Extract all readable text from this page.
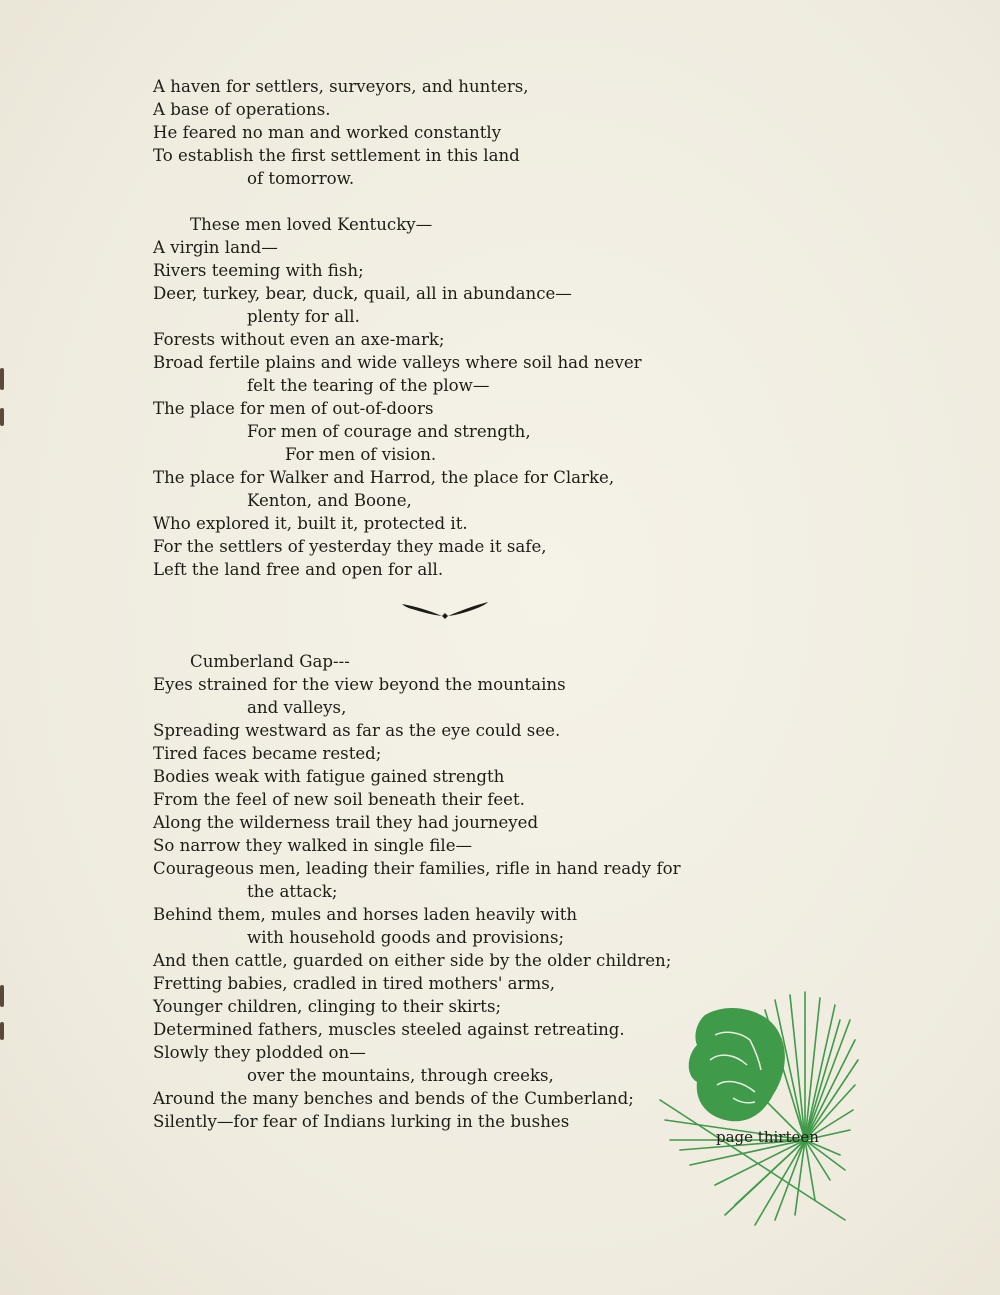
A haven for settlers, surveyors, and hunters,
A base of operations.
He feared no man and worked constantly
To establish the first settlement in this land
of tomorrow.
These men loved Kentucky—
A virgin land—
Rivers teeming with fish;
Deer, turkey, bear, duck, quail, all in abundance—
plenty for all.
Forests without even an axe-mark;
Broad fertile plains and wide valleys where soil had never
felt the tearing of the plow—
The place for men of out-of-doors
For men of courage and strength,
For men of vision.
The place for Walker and Harrod, the place for Clarke,
Kenton, and Boone,
Who explored it, built it, protected it.
For the settlers of yesterday they made it safe,
Left the land free and open for all.
Cumberland Gap---
Eyes strained for the view beyond the mountains
and valleys,
Spreading westward as far as the eye could see.
Tired faces became rested;
Bodies weak with fatigue gained strength
From the feel of new soil beneath their feet.
Along the wilderness trail they had journeyed
So narrow they walked in single file—
Courageous men, leading their families, rifle in hand ready for
the attack;
Behind them, mules and horses laden heavily with
with household goods and provisions;
And then cattle, guarded on either side by the older children;
Fretting babies, cradled in tired mothers' arms,
Younger children, clinging to their skirts;
Determined fathers, muscles steeled against retreating.
Slowly they plodded on—
over the mountains, through creeks,
Around the many benches and bends of the Cumberland;
Silently—for fear of Indians lurking in the bushes
page thirteen
